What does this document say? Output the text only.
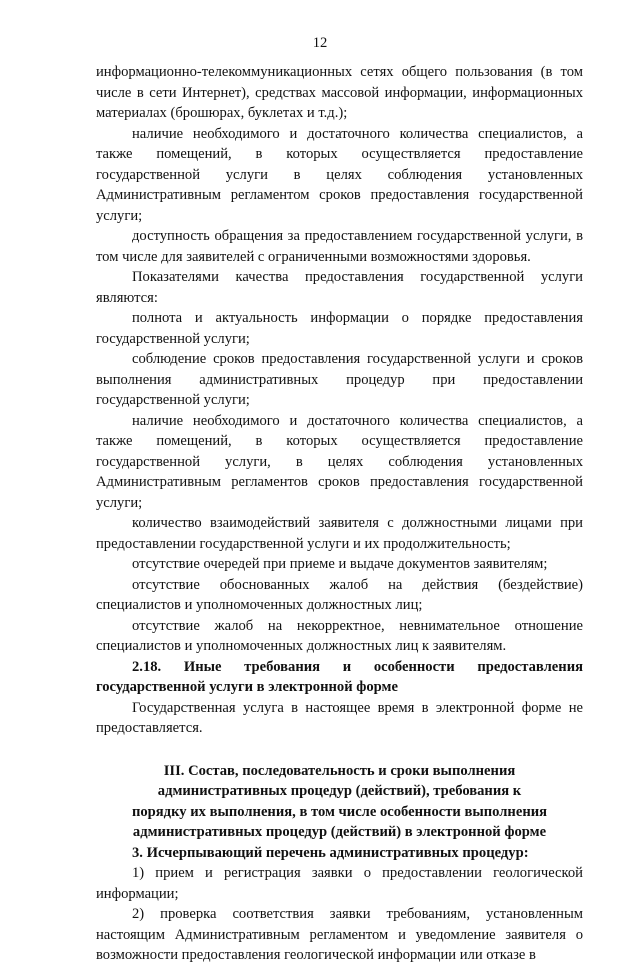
12

информационно-телекоммуникационных сетях общего пользования (в том числе в сети Интернет), средствах массовой информации, информационных материалах (брошюрах, буклетах и т.д.);

наличие необходимого и достаточного количества специалистов, а также помещений, в которых осуществляется предоставление государственной услуги в целях соблюдения установленных Административным регламентом сроков предоставления государственной услуги;

доступность обращения за предоставлением государственной услуги, в том числе для заявителей с ограниченными возможностями здоровья.

Показателями качества предоставления государственной услуги являются:

полнота и актуальность информации о порядке предоставления государственной услуги;

соблюдение сроков предоставления государственной услуги и сроков выполнения административных процедур при предоставлении государственной услуги;

наличие необходимого и достаточного количества специалистов, а также помещений, в которых осуществляется предоставление государственной услуги, в целях соблюдения установленных Административным регламентов сроков предоставления государственной услуги;

количество взаимодействий заявителя с должностными лицами при предоставлении государственной услуги и их продолжительность;

отсутствие очередей при приеме и выдаче документов заявителям;

отсутствие обоснованных жалоб на действия (бездействие) специалистов и уполномоченных должностных лиц;

отсутствие жалоб на некорректное, невнимательное отношение специалистов и уполномоченных должностных лиц к заявителям.

2.18. Иные требования и особенности предоставления государственной услуги в электронной форме

Государственная услуга в настоящее время в электронной форме не предоставляется.

III. Состав, последовательность и сроки выполнения
административных процедур (действий), требования к
порядку их выполнения, в том числе особенности выполнения
административных процедур (действий) в электронной форме

3. Исчерпывающий перечень административных процедур:

1) прием и регистрация заявки о предоставлении геологической информации;

2) проверка соответствия заявки требованиям, установленным настоящим Административным регламентом и уведомление заявителя о возможности предоставления геологической информации или отказе в
